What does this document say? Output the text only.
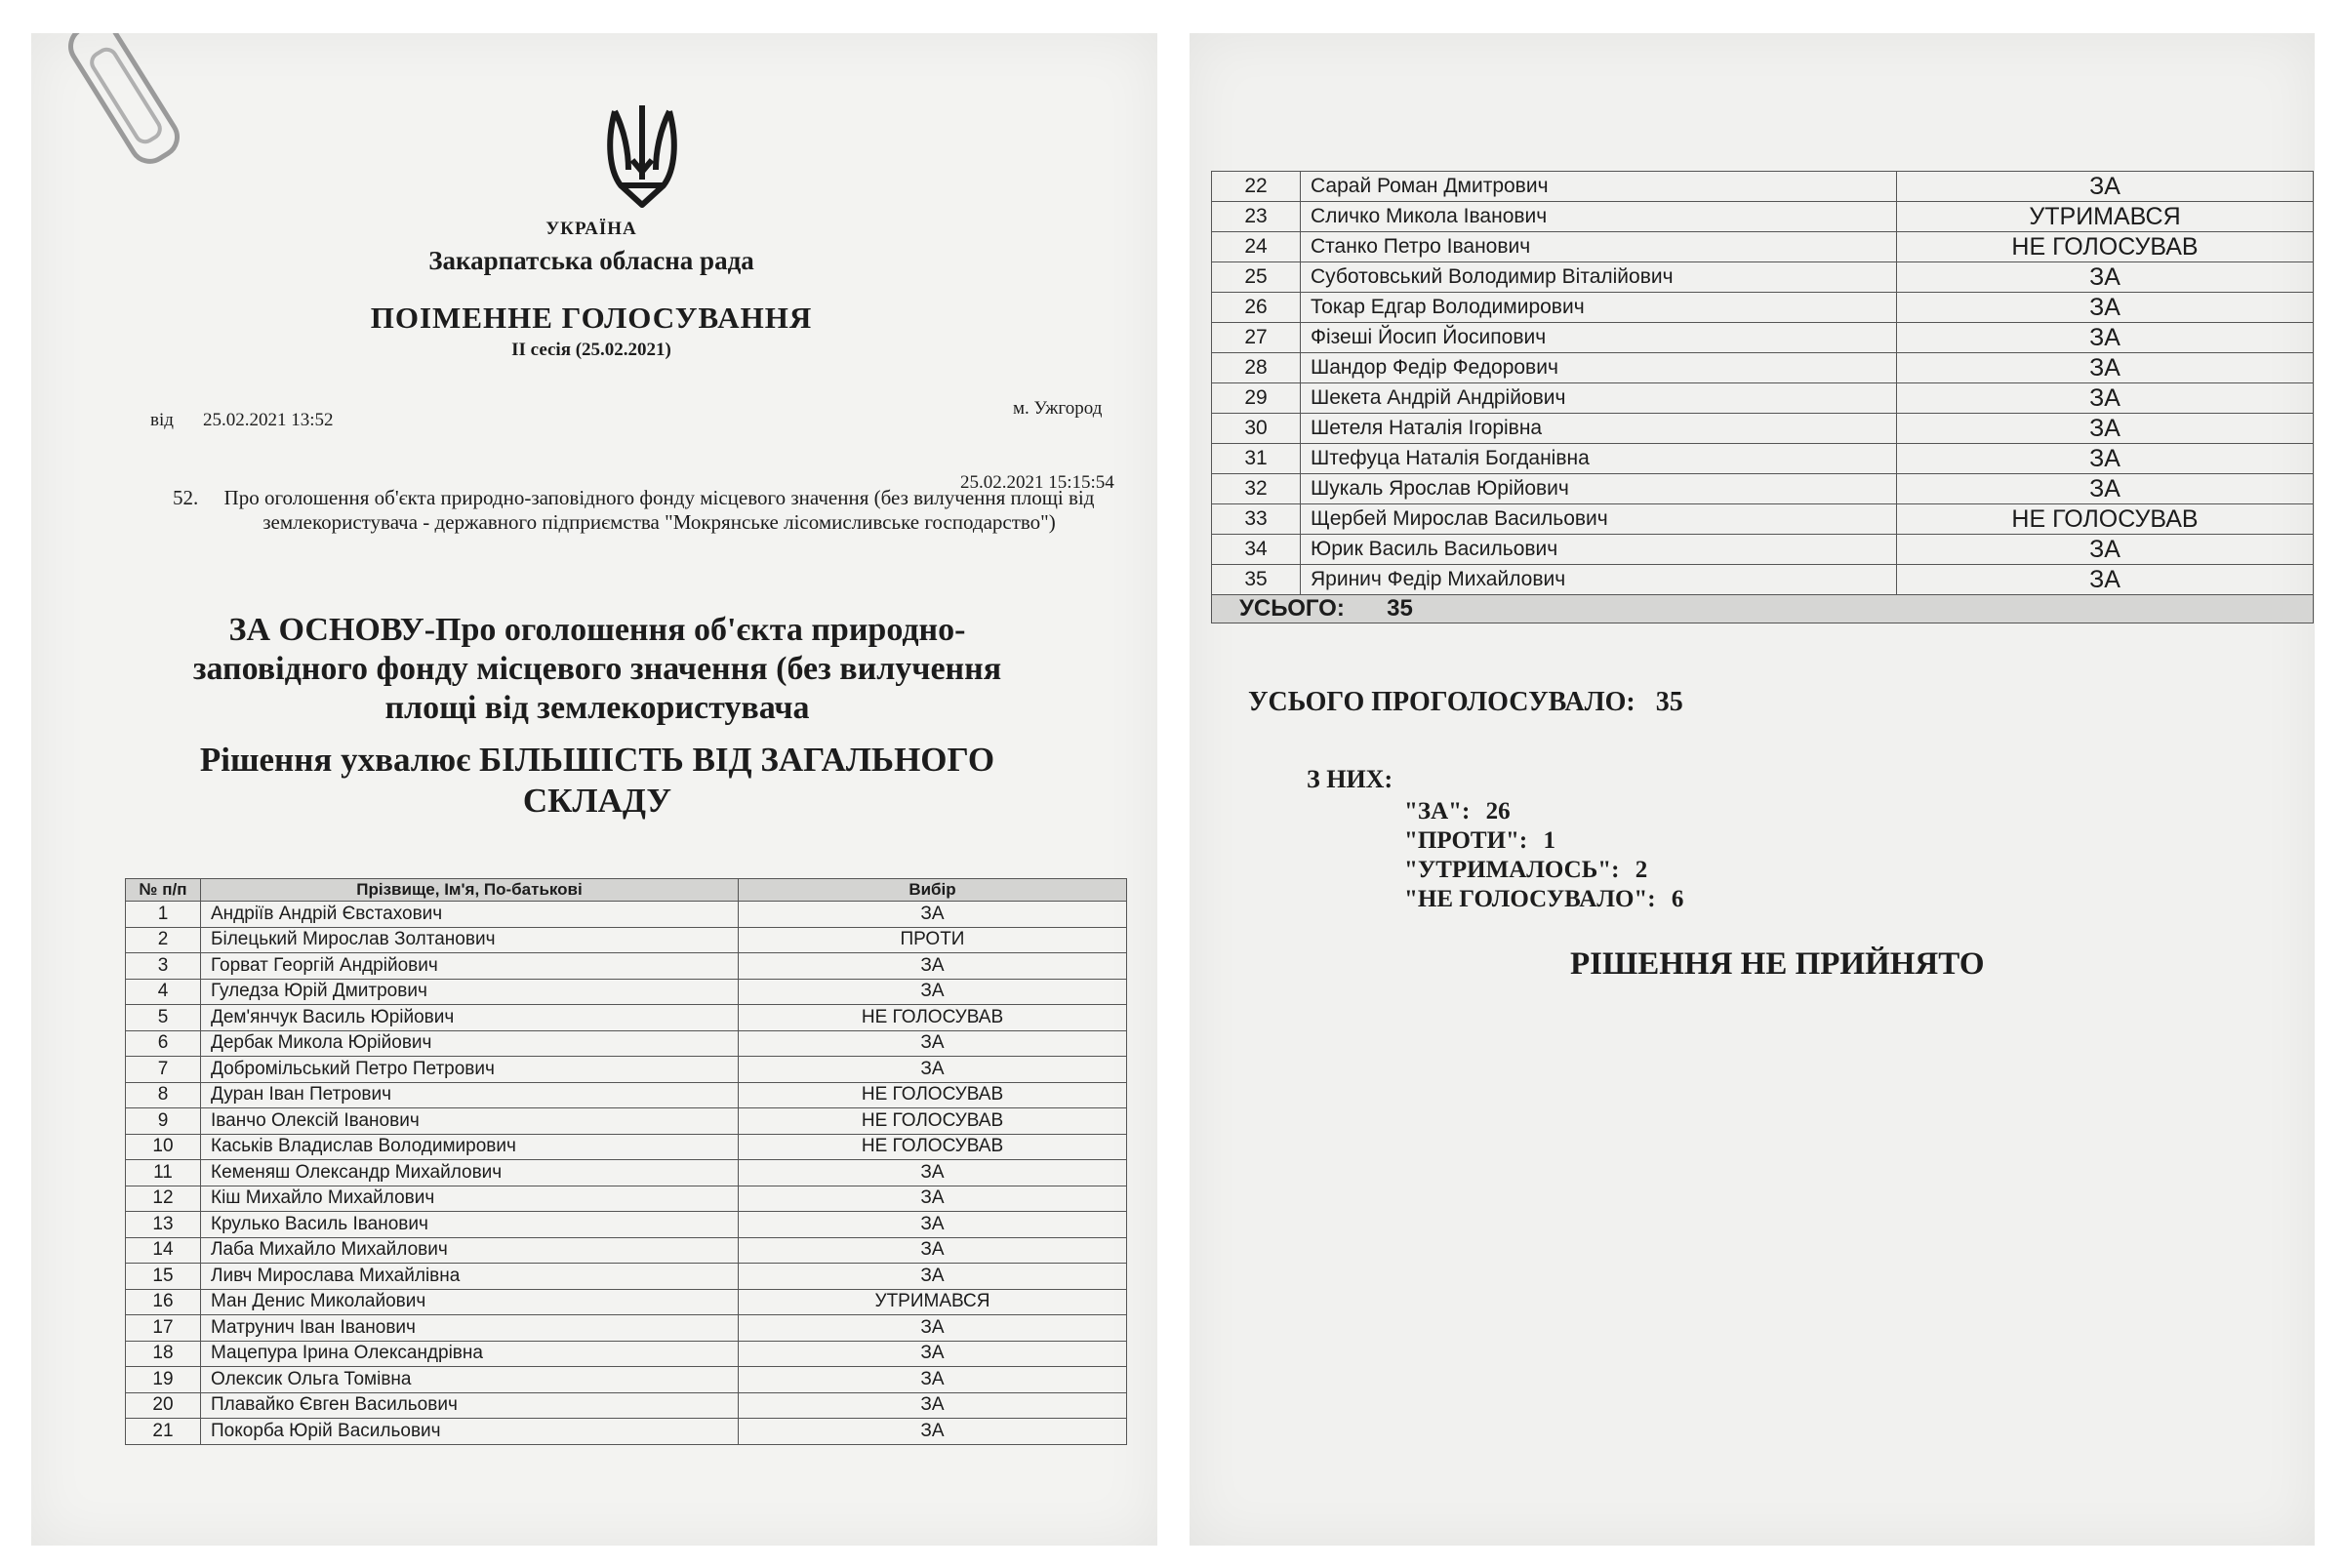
УКРАЇНА
Закарпатська обласна рада
ПОІМЕННЕ ГОЛОСУВАННЯ
II сесія (25.02.2021)
від 25.02.2021 13:52
м. Ужгород
25.02.2021 15:15:54
52.	Про оголошення об'єкта природно-заповідного фонду місцевого значення (без вилучення площі від землекористувача - державного підприємства "Мокрянське лісомисливське господарство")
ЗА ОСНОВУ-Про оголошення об'єкта природно-заповідного фонду місцевого значення (без вилучення площі від землекористувача
Рішення ухвалює БІЛЬШІСТЬ ВІД ЗАГАЛЬНОГО СКЛАДУ
№ п/п	Прізвище, Ім'я, По-батькові	Вибір
1	Андріїв Андрій Євстахович	ЗА
2	Білецький Мирослав Золтанович	ПРОТИ
3	Горват Георгій Андрійович	ЗА
4	Гуледза Юрій Дмитрович	ЗА
5	Дем'янчук Василь Юрійович	НЕ ГОЛОСУВАВ
6	Дербак Микола Юрійович	ЗА
7	Добромільський Петро Петрович	ЗА
8	Дуран Іван Петрович	НЕ ГОЛОСУВАВ
9	Іванчо Олексій Іванович	НЕ ГОЛОСУВАВ
10	Каськів Владислав Володимирович	НЕ ГОЛОСУВАВ
11	Кеменяш Олександр Михайлович	ЗА
12	Кіш Михайло Михайлович	ЗА
13	Крулько Василь Іванович	ЗА
14	Лаба Михайло Михайлович	ЗА
15	Ливч Мирослава Михайлівна	ЗА
16	Ман Денис Миколайович	УТРИМАВСЯ
17	Матрунич Іван Іванович	ЗА
18	Мацепура Ірина Олександрівна	ЗА
19	Олексик Ольга Томівна	ЗА
20	Плавайко Євген Васильович	ЗА
21	Покорба Юрій Васильович	ЗА
22	Сарай Роман Дмитрович	ЗА
23	Сличко Микола Іванович	УТРИМАВСЯ
24	Станко Петро Іванович	НЕ ГОЛОСУВАВ
25	Суботовський Володимир Віталійович	ЗА
26	Токар Едгар Володимирович	ЗА
27	Фізеші Йосип Йосипович	ЗА
28	Шандор Федір Федорович	ЗА
29	Шекета Андрій Андрійович	ЗА
30	Шетеля Наталія Ігорівна	ЗА
31	Штефуца Наталія Богданівна	ЗА
32	Шукаль Ярослав Юрійович	ЗА
33	Щербей Мирослав Васильович	НЕ ГОЛОСУВАВ
34	Юрик Василь Васильович	ЗА
35	Яринич Федір Михайлович	ЗА
УСЬОГО: 35		
УСЬОГО ПРОГОЛОСУВАЛО: 35
З НИХ:
"ЗА": 26
"ПРОТИ": 1
"УТРИМАЛОСЬ": 2
"НЕ ГОЛОСУВАЛО": 6
РІШЕННЯ НЕ ПРИЙНЯТО
